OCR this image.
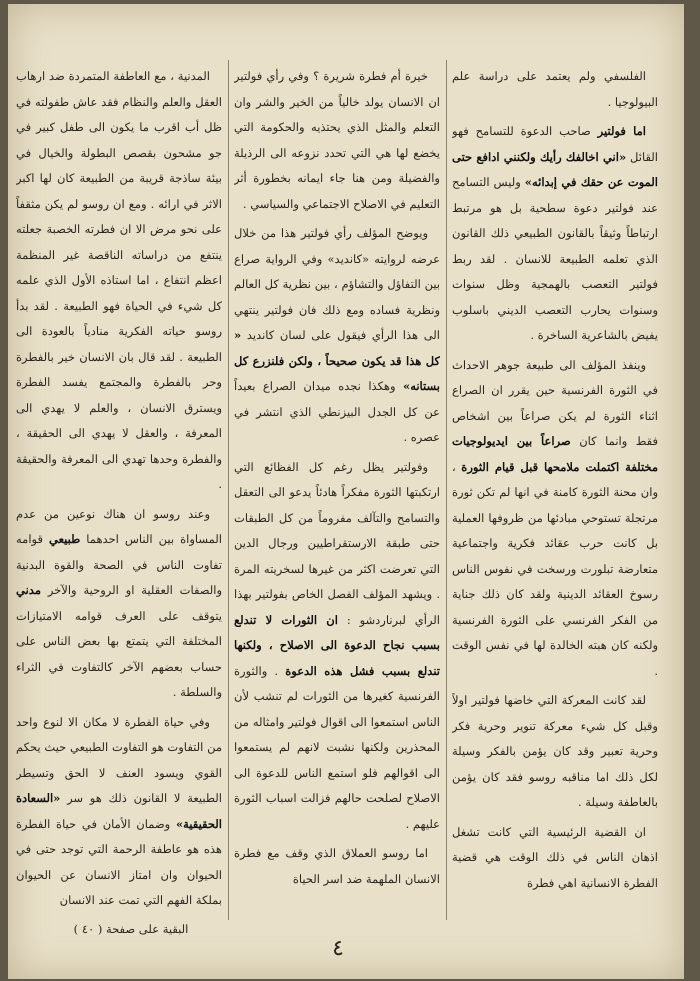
الفلسفي ولم يعتمد على دراسة علم البيولوجيا .

اما فولتير صاحب الدعوة للتسامح فهو القائل «اني اخالفك رأيك ولكنني ادافع حتى الموت عن حقك في إبدائه» وليس التسامح عند فولتير دعوة سطحية بل هو مرتبط ارتباطاً وثيقاً بالقانون الطبيعي ذلك القانون الذي تعلمه الطبيعة للانسان . لقد ربط فولتير التعصب بالهمجية وظل سنوات وسنوات يحارب التعصب الديني باسلوب يفيض بالشاعرية الساخرة .

وينفذ المؤلف الى طبيعة جوهر الاحداث في الثورة الفرنسية حين يقرر ان الصراع اثناء الثورة لم يكن صراعاً بين اشخاص فقط وانما كان صراعاً بين ايديولوجيات مختلفة اكتملت ملامحها قبل قيام الثورة ، وان محنة الثورة كامنة في انها لم تكن ثورة مرتجلة تستوحي مبادئها من ظروفها العملية بل كانت حرب عقائد فكرية واجتماعية متعارضة تبلورت ورسخت في نفوس الناس رسوخ العقائد الدينية ولقد كان ذلك جناية من الفكر الفرنسي على الثورة الفرنسية ولكنه كان هبته الخالدة لها في نفس الوقت .

لقد كانت المعركة التي خاضها فولتير اولاً وقبل كل شيء معركة تنوير وحرية فكر وحرية تعبير وقد كان يؤمن بالفكر وسيلة لكل ذلك اما مناقبه روسو فقد كان يؤمن بالعاطفة وسيلة .

ان القضية الرئيسية التي كانت تشغل اذهان الناس في ذلك الوقت هي قضية الفطرة الانسانية اهي فطرة

خيرة أم فطرة شريرة ؟ وفي رأي فولتير ان الانسان يولد خالياً من الخير والشر وان التعلم والمثل الذي يحتذيه والحكومة التي يخضع لها هي التي تحدد نزوعه الى الرذيلة والفضيلة ومن هنا جاء ايمانه بخطورة أثر التعليم في الاصلاح الاجتماعي والسياسي .

ويوضح المؤلف رأي فولتير هذا من خلال عرضه لروايته «كانديد» وفي الرواية صراع بين التفاؤل والتشاؤم ، بين نظرية كل العالم ونظرية فساده ومع ذلك فان فولتير ينتهي الى هذا الرأي فيقول على لسان كانديد « كل هذا قد يكون صحيحاً ، ولكن فلنزرع كل بستانه» وهكذا نجده ميدان الصراع بعيداً عن كل الجدل البيزنطي الذي انتشر في عصره .

وفولتير يظل رغم كل الفظائع التي ارتكبتها الثورة مفكراً هادئاً يدعو الى التعقل والتسامح والتآلف مفروماً من كل الطبقات حتى طبقة الارستقراطيين ورجال الدين التي تعرضت اكثر من غيرها لسخريته المرة . ويشهد المؤلف الفصل الخاص بفولتير بهذا الرأي لبرناردشو : ان الثورات لا تندلع بسبب نجاح الدعوة الى الاصلاح ، ولكنها تندلع بسبب فشل هذه الدعوة . والثورة الفرنسية كغيرها من الثورات لم تنشب لأن الناس استمعوا الى اقوال فولتير وامثاله من المحذرين ولكنها نشبت لانهم لم يستمعوا الى اقوالهم فلو استمع الناس للدعوة الى الاصلاح لصلحت حالهم فزالت اسباب الثورة عليهم .

اما روسو العملاق الذي وقف مع فطرة الانسان الملهمة ضد اسر الحياة

المدنية ، مع العاطفة المتمردة ضد ارهاب العقل والعلم والنظام فقد عاش طفولته في ظل أب اقرب ما يكون الى طفل كبير في جو مشحون بقصص البطولة والخيال في بيئة ساذجة قريبة من الطبيعة كان لها اكبر الاثر في ارائه . ومع ان روسو لم يكن مثقفاً على نحو مرض الا ان فطرته الخصبة جعلته ينتفع من دراساته الناقصة غير المنظمة اعظم انتفاع ، اما استاذه الأول الذي علمه كل شيء في الحياة فهو الطبيعة . لقد بدأ روسو حياته الفكرية منادياً بالعودة الى الطبيعة . لقد قال بان الانسان خير بالفطرة وحر بالفطرة والمجتمع يفسد الفطرة ويسترق الانسان ، والعلم لا يهدي الى المعرفة ، والعقل لا يهدي الى الحقيقة ، والفطرة وحدها تهدي الى المعرفة والحقيقة .

وعند روسو ان هناك نوعين من عدم المساواة بين الناس احدهما طبيعي قوامه تفاوت الناس في الصحة والقوة البدنية والصفات العقلية او الروحية والآخر مدني يتوقف على العرف قوامه الامتيازات المختلفة التي يتمتع بها بعض الناس على حساب بعضهم الآخر كالتفاوت في الثراء والسلطة .

وفي حياة الفطرة لا مكان الا لنوع واحد من التفاوت هو التفاوت الطبيعي حيث يحكم القوي ويسود العنف لا الحق وتسيطر الطبيعة لا القانون ذلك هو سر «السعادة الحقيقية» وضمان الأمان في حياة الفطرة هذه هو عاطفة الرحمة التي توجد حتى في الحيوان وان امتاز الانسان عن الحيوان بملكة الفهم التي تمت عند الانسان

البقية على صفحة ( ٤٠ )
٤
